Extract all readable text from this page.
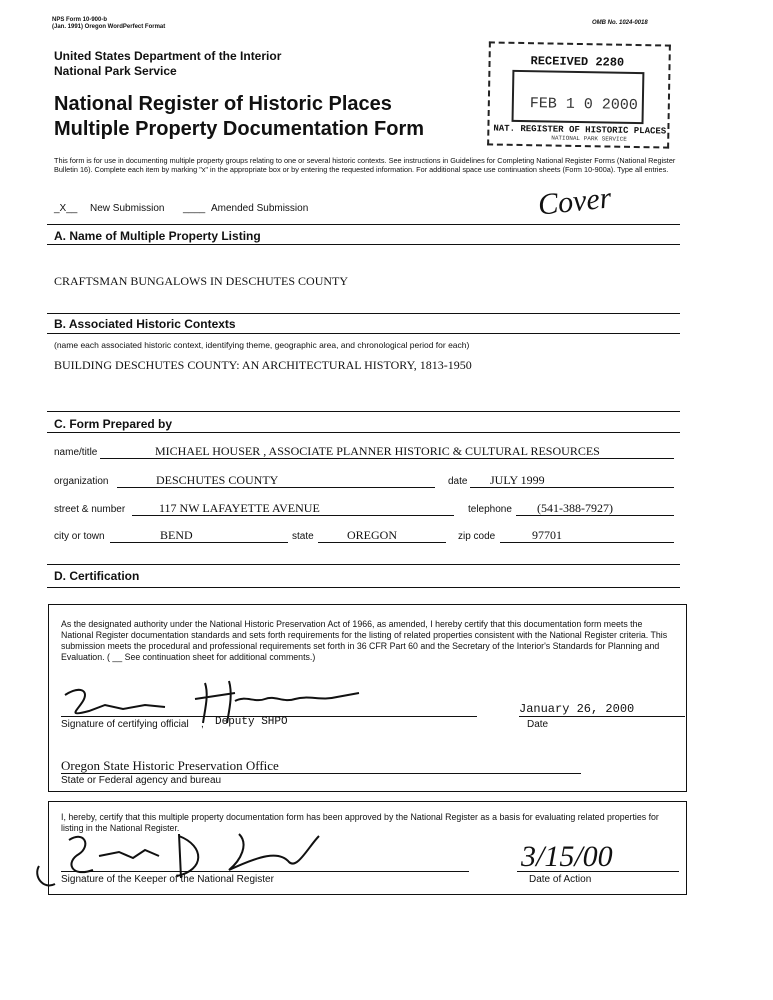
NPS Form 10-900-b
(Jan. 1991) Oregon WordPerfect Format
OMB No. 1024-0018
United States Department of the Interior
National Park Service
National Register of Historic Places
Multiple Property Documentation Form
This form is for use in documenting multiple property groups relating to one or several historic contexts. See instructions in Guidelines for Completing National Register Forms (National Register Bulletin 16). Complete each item by marking "x" in the appropriate box or by entering the requested information. For additional space use continuation sheets (Form 10-900a). Type all entries.
RECEIVED 2280
FEB 1 0 2000
NAT. REGISTER OF HISTORIC PLACES
NATIONAL PARK SERVICE
_X__ New Submission ____ Amended Submission	Cover
A. Name of Multiple Property Listing
CRAFTSMAN BUNGALOWS IN DESCHUTES COUNTY
B. Associated Historic Contexts
(name each associated historic context, identifying theme, geographic area, and chronological period for each)
BUILDING DESCHUTES COUNTY: AN ARCHITECTURAL HISTORY, 1813-1950
C. Form Prepared by
name/title	MICHAEL HOUSER , ASSOCIATE PLANNER HISTORIC & CULTURAL RESOURCES
organization	DESCHUTES COUNTY	date JULY 1999
street & number	117 NW LAFAYETTE AVENUE	telephone (541-388-7927)
city or town	BEND	state	OREGON	zip code	97701
D. Certification
As the designated authority under the National Historic Preservation Act of 1966, as amended, I hereby certify that this documentation form meets the National Register documentation standards and sets forth requirements for the listing of related properties consistent with the National Register criteria. This submission meets the procedural and professional requirements set forth in 36 CFR Part 60 and the Secretary of the Interior's Standards for Planning and Evaluation. ( __ See continuation sheet for additional comments.)
Signature of certifying official , Deputy SHPO
January 26, 2000
Date
Oregon State Historic Preservation Office
State or Federal agency and bureau
I, hereby, certify that this multiple property documentation form has been approved by the National Register as a basis for evaluating related properties for listing in the National Register.
Signature of the Keeper of the National Register
3/15/00
Date of Action
